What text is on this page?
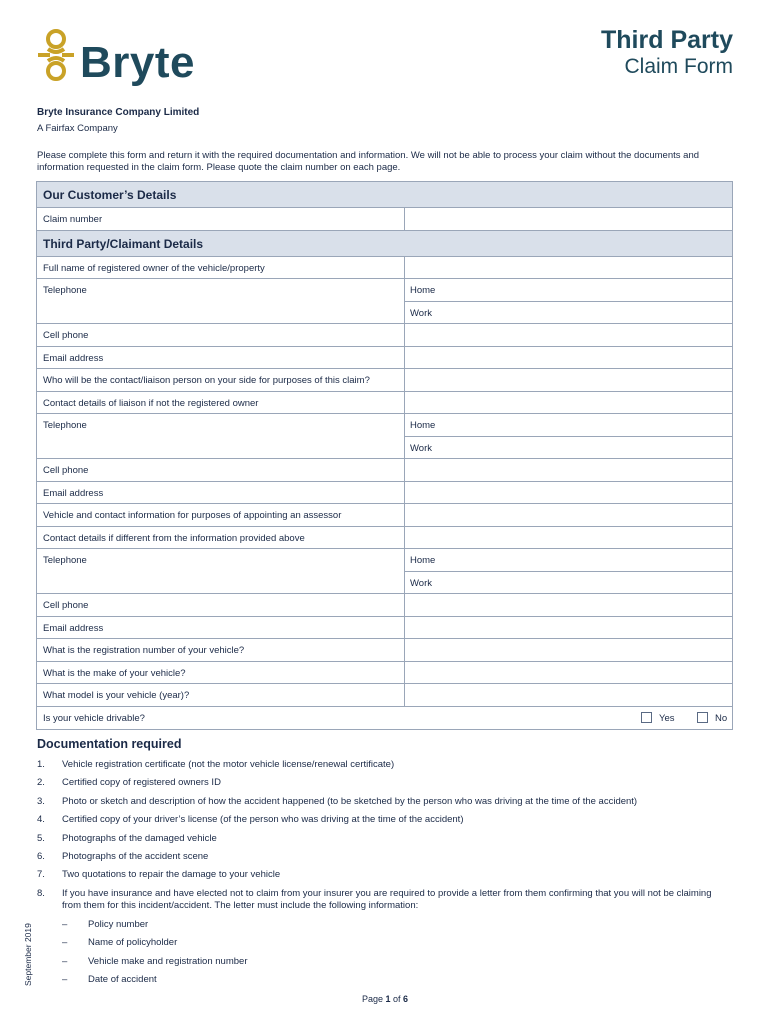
Bryte	Third Party
Claim Form
Bryte Insurance Company Limited
A Fairfax Company
Please complete this form and return it with the required documentation and information. We will not be able to process your claim without the documents and information requested in the claim form. Please quote the claim number on each page.
Our Customer’s Details
Claim number
Third Party/Claimant Details
Full name of registered owner of the vehicle/property
Telephone	Home
Work
Cell phone
Email address
Who will be the contact/liaison person on your side for purposes of this claim?
Contact details of liaison if not the registered owner
Telephone	Home
Work
Cell phone
Email address
Vehicle and contact information for purposes of appointing an assessor
Contact details if different from the information provided above
Telephone	Home
Work
Cell phone
Email address
What is the registration number of your vehicle?
What is the make of your vehicle?
What model is your vehicle (year)?
Is your vehicle drivable?	Yes	No
Documentation required
1. Vehicle registration certificate (not the motor vehicle license/renewal certificate)
2. Certified copy of registered owners ID
3. Photo or sketch and description of how the accident happened (to be sketched by the person who was driving at the time of the accident)
4. Certified copy of your driver’s license (of the person who was driving at the time of the accident)
5. Photographs of the damaged vehicle
6. Photographs of the accident scene
7. Two quotations to repair the damage to your vehicle
8. If you have insurance and have elected not to claim from your insurer you are required to provide a letter from them confirming that you will not be claiming from them for this incident/accident. The letter must include the following information:
– Policy number
– Name of policyholder
– Vehicle make and registration number
– Date of accident
September 2019
Page 1 of 6
